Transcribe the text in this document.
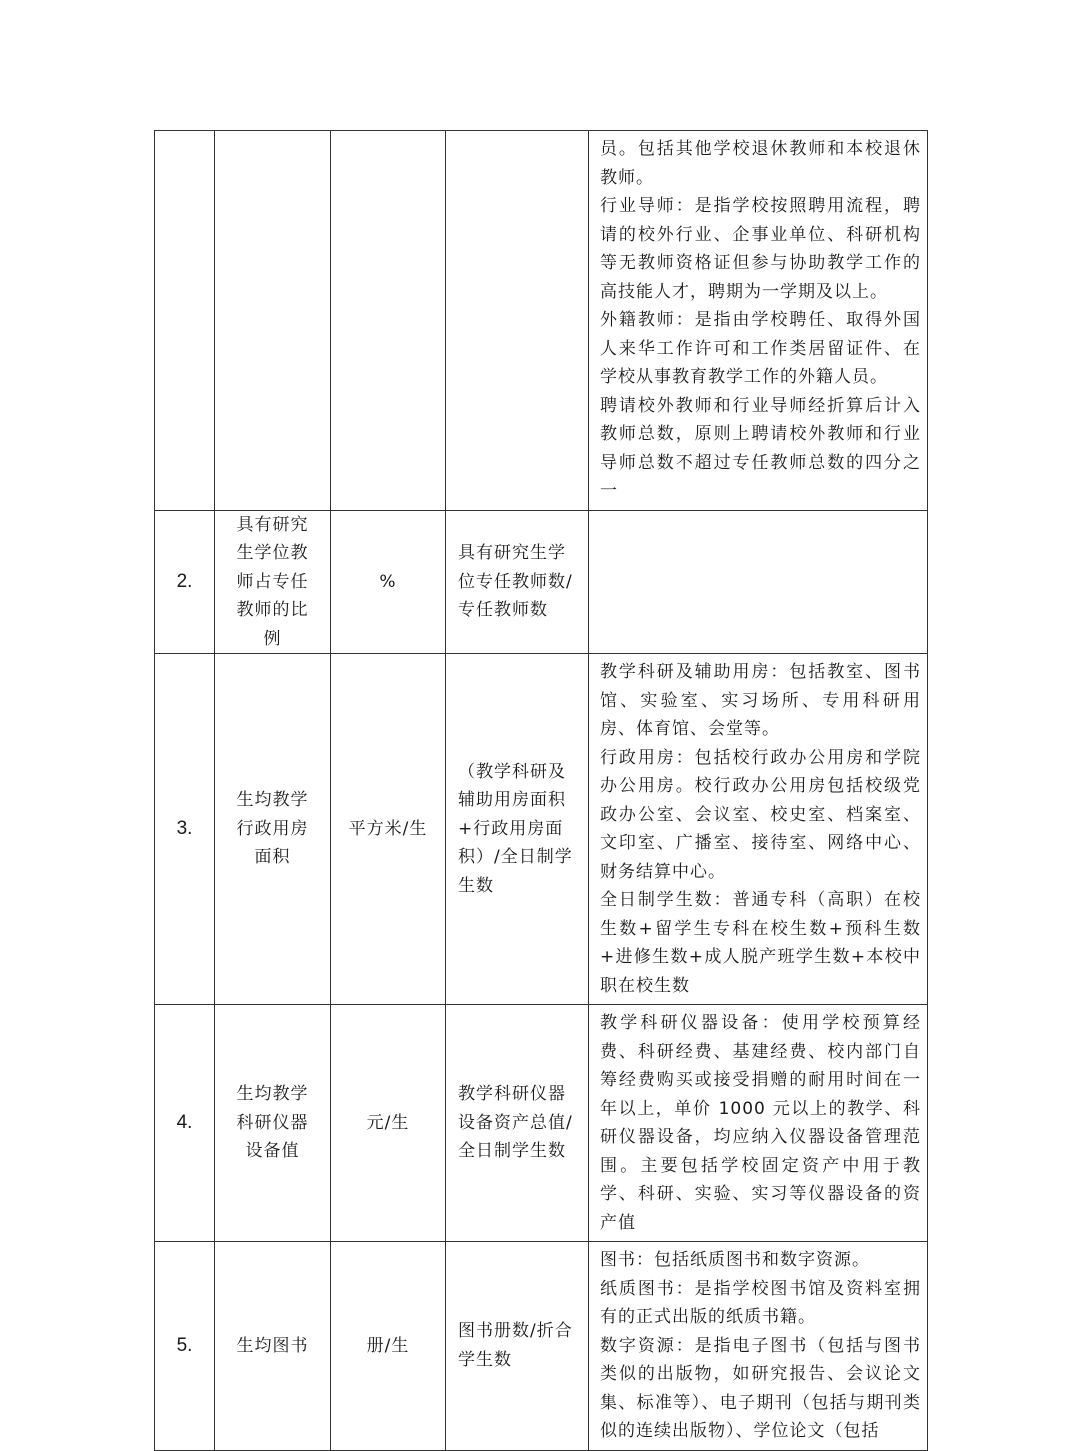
				员。包括其他学校退休教师和本校退休教师。

行业导师：是指学校按照聘用流程，聘请的校外行业、企事业单位、科研机构等无教师资格证但参与协助教学工作的高技能人才，聘期为一学期及以上。

外籍教师：是指由学校聘任、取得外国人来华工作许可和工作类居留证件、在学校从事教育教学工作的外籍人员。

聘请校外教师和行业导师经折算后计入教师总数，原则上聘请校外教师和行业导师总数不超过专任教师总数的四分之一

2.	具有研究生学位教师占专任教师的比例	%	具有研究生学位专任教师数/专任教师数	
3.	生均教学行政用房面积	平方米/生	（教学科研及辅助用房面积+行政用房面积）/全日制学生数	教学科研及辅助用房：包括教室、图书馆、实验室、实习场所、专用科研用房、体育馆、会堂等。

行政用房：包括校行政办公用房和学院办公用房。校行政办公用房包括校级党政办公室、会议室、校史室、档案室、文印室、广播室、接待室、网络中心、财务结算中心。

全日制学生数：普通专科（高职）在校生数+留学生专科在校生数+预科生数+进修生数+成人脱产班学生数+本校中职在校生数

4.	生均教学科研仪器设备值	元/生	教学科研仪器设备资产总值/全日制学生数	教学科研仪器设备：使用学校预算经费、科研经费、基建经费、校内部门自筹经费购买或接受捐赠的耐用时间在一年以上，单价 1000 元以上的教学、科研仪器设备，均应纳入仪器设备管理范围。主要包括学校固定资产中用于教学、科研、实验、实习等仪器设备的资产值

5.	生均图书	册/生	图书册数/折合学生数	图书：包括纸质图书和数字资源。

纸质图书：是指学校图书馆及资料室拥有的正式出版的纸质书籍。

数字资源：是指电子图书（包括与图书类似的出版物，如研究报告、会议论文集、标准等）、电子期刊（包括与期刊类似的连续出版物）、学位论文（包括
